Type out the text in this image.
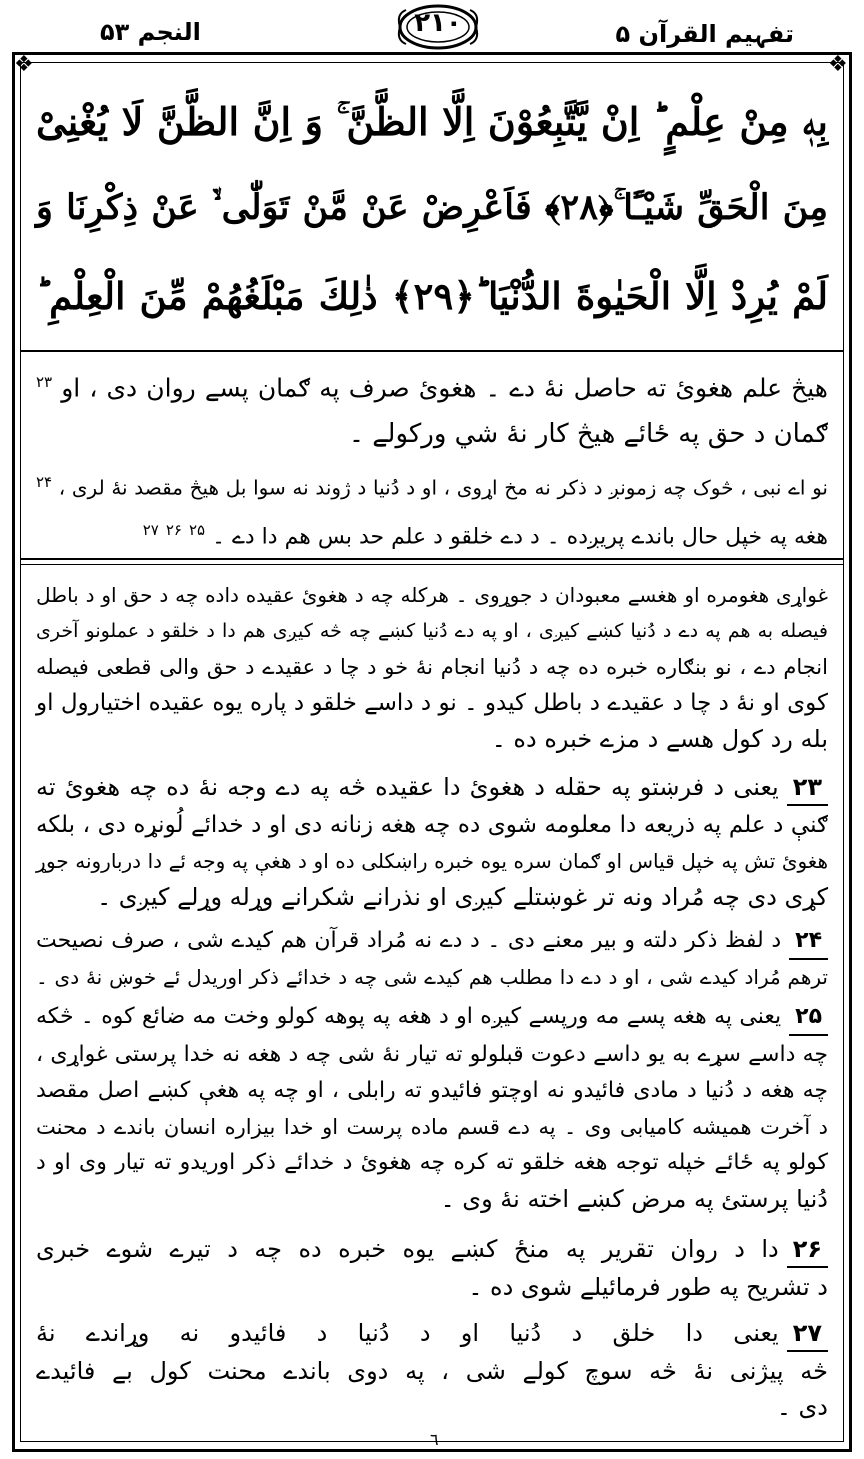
النجم ۵۳	۲۱۰	تفہیم القرآن ۵
❖	❖
بِهٖ مِنْ عِلْمٍ ؕ اِنْ یَّتَّبِعُوْنَ اِلَّا الظَّنَّ ۚ وَ اِنَّ الظَّنَّ لَا یُغْنِیْ
مِنَ الْحَقِّ شَیْـًٔا ۚ﴿۲۸﴾ فَاَعْرِضْ عَنْ مَّنْ تَوَلّٰی ۙ۬ عَنْ ذِكْرِنَا وَ
لَمْ یُرِدْ اِلَّا الْحَیٰوةَ الدُّنْیَا ؕ﴿۲۹﴾ ذٰلِكَ مَبْلَغُهُمْ مِّنَ الْعِلْمِ ؕ
هیڅ علم هغوئ ته حاصل نهٔ دے ۔ هغوئ صرف په ګمان پسے روان دی ، او $^{۲۳}$
ګمان د حق په ځائے هیڅ کار نهٔ شي ورکولے ۔
نو اے نبی ، څوک چه زمونږ د ذکر نه مخ اړوی ، او د دُنیا د ژوند نه سوا بل هیڅ مقصد نهٔ لری ، $^{۲۴}$
هغه په خپل حال باندے پریږده ۔ د دے خلقو د علم حد بس هم دا دے ۔ $^{۲۵}$ $^{۲۶}$ $^{۲۷}$
غواړی هغومره او هغسے معبودان د جوړوی ۔ هرکله چه د هغوئ عقیده داده چه د حق او د باطل
فیصله به هم په دے د دُنیا کښے کیږی ، او په دے دُنیا کښے چه څه کیږی هم دا د خلقو د عملونو آخری
انجام دے ، نو بنګاره خبره ده چه د دُنیا انجام نهٔ خو د چا د عقیدے د حق والی قطعی فیصله
کوی او نهٔ د چا د عقیدے د باطل کیدو ۔ نو د داسے خلقو د پاره یوه عقیده اختیارول او
بله رد کول هسے د مزے خبره ده ۔
۲۳یعنی د فرښتو په حقله د هغوئ دا عقیده څه په دے وجه نهٔ ده چه هغوئ ته
ګنې د علم په ذریعه دا معلومه شوی ده چه هغه زنانه دی او د خدائے لُونړه دی ، بلکه
هغوئ تش په خپل قیاس او ګمان سره یوه خبره راښکلی ده او د هغې په وجه ئے دا دربارونه جوړ
کړی دی چه مُراد ونه تر غوښتلے کیږی او نذرانے شکرانے وړله وړلے کیږی ۔
۲۴د لفظ ذکر دلته و بیر معنے دی ۔ د دے نه مُراد قرآن هم کیدے شی ، صرف نصیحت
ترهم مُراد کیدے شی ، او د دے دا مطلب هم کیدے شی چه د خدائے ذکر اوریدل ئے خوښ نهٔ دی ۔
۲۵یعنی په هغه پسے مه ورپسے کیږه او د هغه په پوهه کولو وخت مه ضائع کوه ۔ څکه
چه داسے سړے به یو داسے دعوت قبلولو ته تیار نهٔ شی چه د هغه نه خدا پرستی غواړی ،
چه هغه د دُنیا د مادی فائیدو نه اوچتو فائیدو ته رابلی ، او چه په هغې کښے اصل مقصد
د آخرت همیشه کامیابی وی ۔ په دے قسم ماده پرست او خدا بیزاره انسان باندے د محنت
کولو په ځائے خپله توجه هغه خلقو ته کره چه هغوئ د خدائے ذکر اوریدو ته تیار وی او د
دُنیا پرستئ په مرض کښے اخته نهٔ وی ۔
۲۶دا د روان تقریر په منځ کښے یوه خبره ده چه د تیرے شوے خبری
د تشریح په طور فرمائیلے شوی ده ۔
۲۷یعنی دا خلق د دُنیا او د دُنیا د فائیدو نه وړاندے نهٔ
څه پیژنی نهٔ څه سوچ کولے شی ، په دوی باندے محنت کول بے فائیدے
دی ۔
٦
